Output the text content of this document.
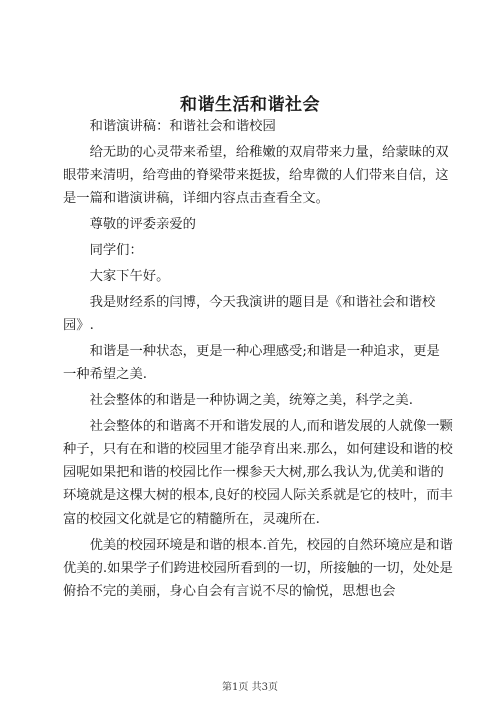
和谐生活和谐社会

和谐演讲稿：和谐社会和谐校园

给无助的心灵带来希望，给稚嫩的双肩带来力量，给蒙昧的双眼带来清明，给弯曲的脊梁带来挺拔，给卑微的人们带来自信，这是一篇和谐演讲稿，详细内容点击查看全文。

尊敬的评委亲爱的

同学们：

大家下午好。

我是财经系的闫博，今天我演讲的题目是《和谐社会和谐校园》.

和谐是一种状态，更是一种心理感受;和谐是一种追求，更是一种希望之美.

社会整体的和谐是一种协调之美，统筹之美，科学之美.

社会整体的和谐离不开和谐发展的人,而和谐发展的人就像一颗种子，只有在和谐的校园里才能孕育出来.那么，如何建设和谐的校园呢如果把和谐的校园比作一棵参天大树,那么我认为,优美和谐的环境就是这棵大树的根本,良好的校园人际关系就是它的枝叶，而丰富的校园文化就是它的精髓所在，灵魂所在.

优美的校园环境是和谐的根本.首先，校园的自然环境应是和谐优美的.如果学子们跨进校园所看到的一切，所接触的一切，处处是俯拾不完的美丽，身心自会有言说不尽的愉悦，思想也会

第1页 共3页
